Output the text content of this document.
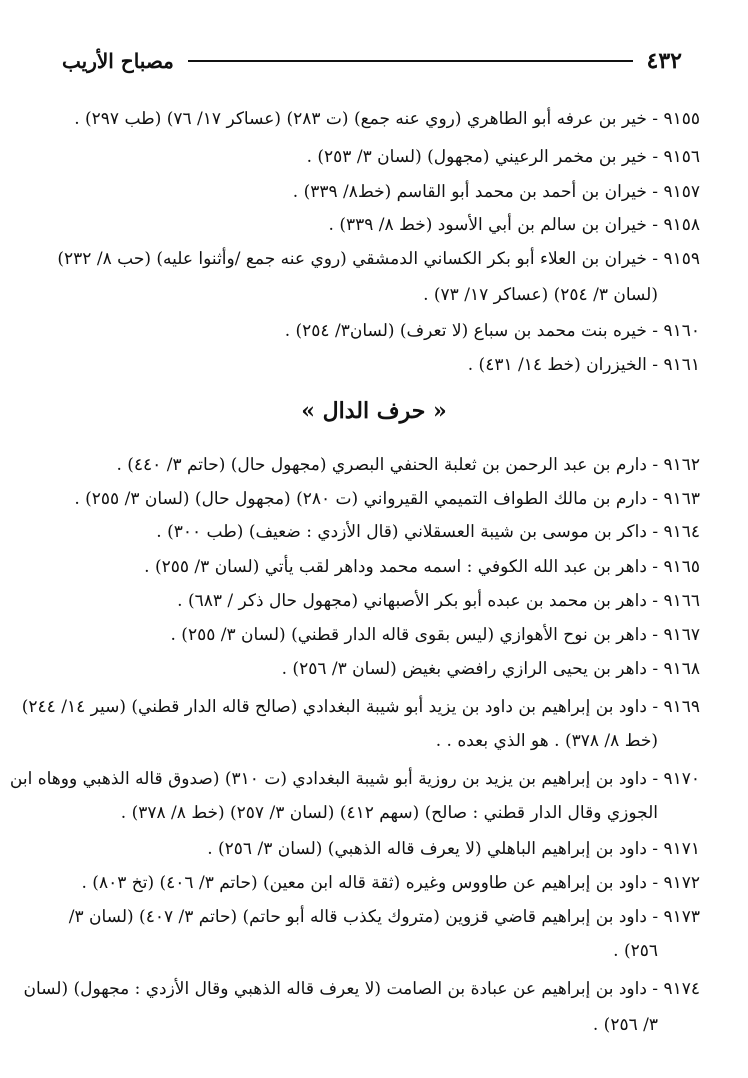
٤٣٢
مصباح الأريب
٩١٥٥ - خير بن عرفه أبو الطاهري (روي عنه جمع) (ت ٢٨٣) (عساكر ١٧/ ٧٦) (طب ٢٩٧) .
٩١٥٦ - خير بن مخمر الرعيني (مجهول) (لسان ٣/ ٢٥٣) .
٩١٥٧ - خيران بن أحمد بن محمد أبو القاسم (خط٨/ ٣٣٩) .
٩١٥٨ - خيران بن سالم بن أبي الأسود (خط ٨/ ٣٣٩) .
٩١٥٩ - خيران بن العلاء أبو بكر الكساني الدمشقي (روي عنه جمع /وأثنوا عليه) (حب ٨/ ٢٣٢)
(لسان ٣/ ٢٥٤) (عساكر ١٧/ ٧٣) .
٩١٦٠ - خيره بنت محمد بن سباع (لا تعرف) (لسان٣/ ٢٥٤) .
٩١٦١ - الخيزران (خط ١٤/ ٤٣١) .
« حرف الدال »
٩١٦٢ - دارم بن عبد الرحمن بن ثعلبة الحنفي البصري (مجهول حال) (حاتم ٣/ ٤٤٠) .
٩١٦٣ - دارم بن مالك الطواف التميمي القيرواني (ت ٢٨٠) (مجهول حال) (لسان ٣/ ٢٥٥) .
٩١٦٤ - داكر بن موسى بن شيبة العسقلاني (قال الأزدي : ضعيف) (طب ٣٠٠) .
٩١٦٥ - داهر بن عبد الله الكوفي : اسمه محمد وداهر لقب يأتي (لسان ٣/ ٢٥٥) .
٩١٦٦ - داهر بن محمد بن عبده أبو بكر الأصبهاني (مجهول حال ذكر / ٦٨٣) .
٩١٦٧ - داهر بن نوح الأهوازي (ليس بقوى قاله الدار قطني) (لسان ٣/ ٢٥٥) .
٩١٦٨ - داهر بن يحيى الرازي رافضي بغيض (لسان ٣/ ٢٥٦) .
٩١٦٩ - داود بن إبراهيم بن داود بن يزيد أبو شيبة البغدادي (صالح قاله الدار قطني) (سير ١٤/ ٢٤٤)
(خط ٨/ ٣٧٨) . هو الذي بعده . .
٩١٧٠ - داود بن إبراهيم بن يزيد بن روزية أبو شيبة البغدادي (ت ٣١٠) (صدوق قاله الذهبي ووهاه ابن
الجوزي وقال الدار قطني : صالح) (سهم ٤١٢) (لسان ٣/ ٢٥٧) (خط ٨/ ٣٧٨) .
٩١٧١ - داود بن إبراهيم الباهلي (لا يعرف قاله الذهبي) (لسان ٣/ ٢٥٦) .
٩١٧٢ - داود بن إبراهيم عن طاووس وغيره (ثقة قاله ابن معين) (حاتم ٣/ ٤٠٦) (تخ ٨٠٣) .
٩١٧٣ - داود بن إبراهيم قاضي قزوين (متروك يكذب قاله أبو حاتم) (حاتم ٣/ ٤٠٧) (لسان ٣/
٢٥٦) .
٩١٧٤ - داود بن إبراهيم عن عبادة بن الصامت (لا يعرف قاله الذهبي وقال الأزدي : مجهول) (لسان
٣/ ٢٥٦) .
